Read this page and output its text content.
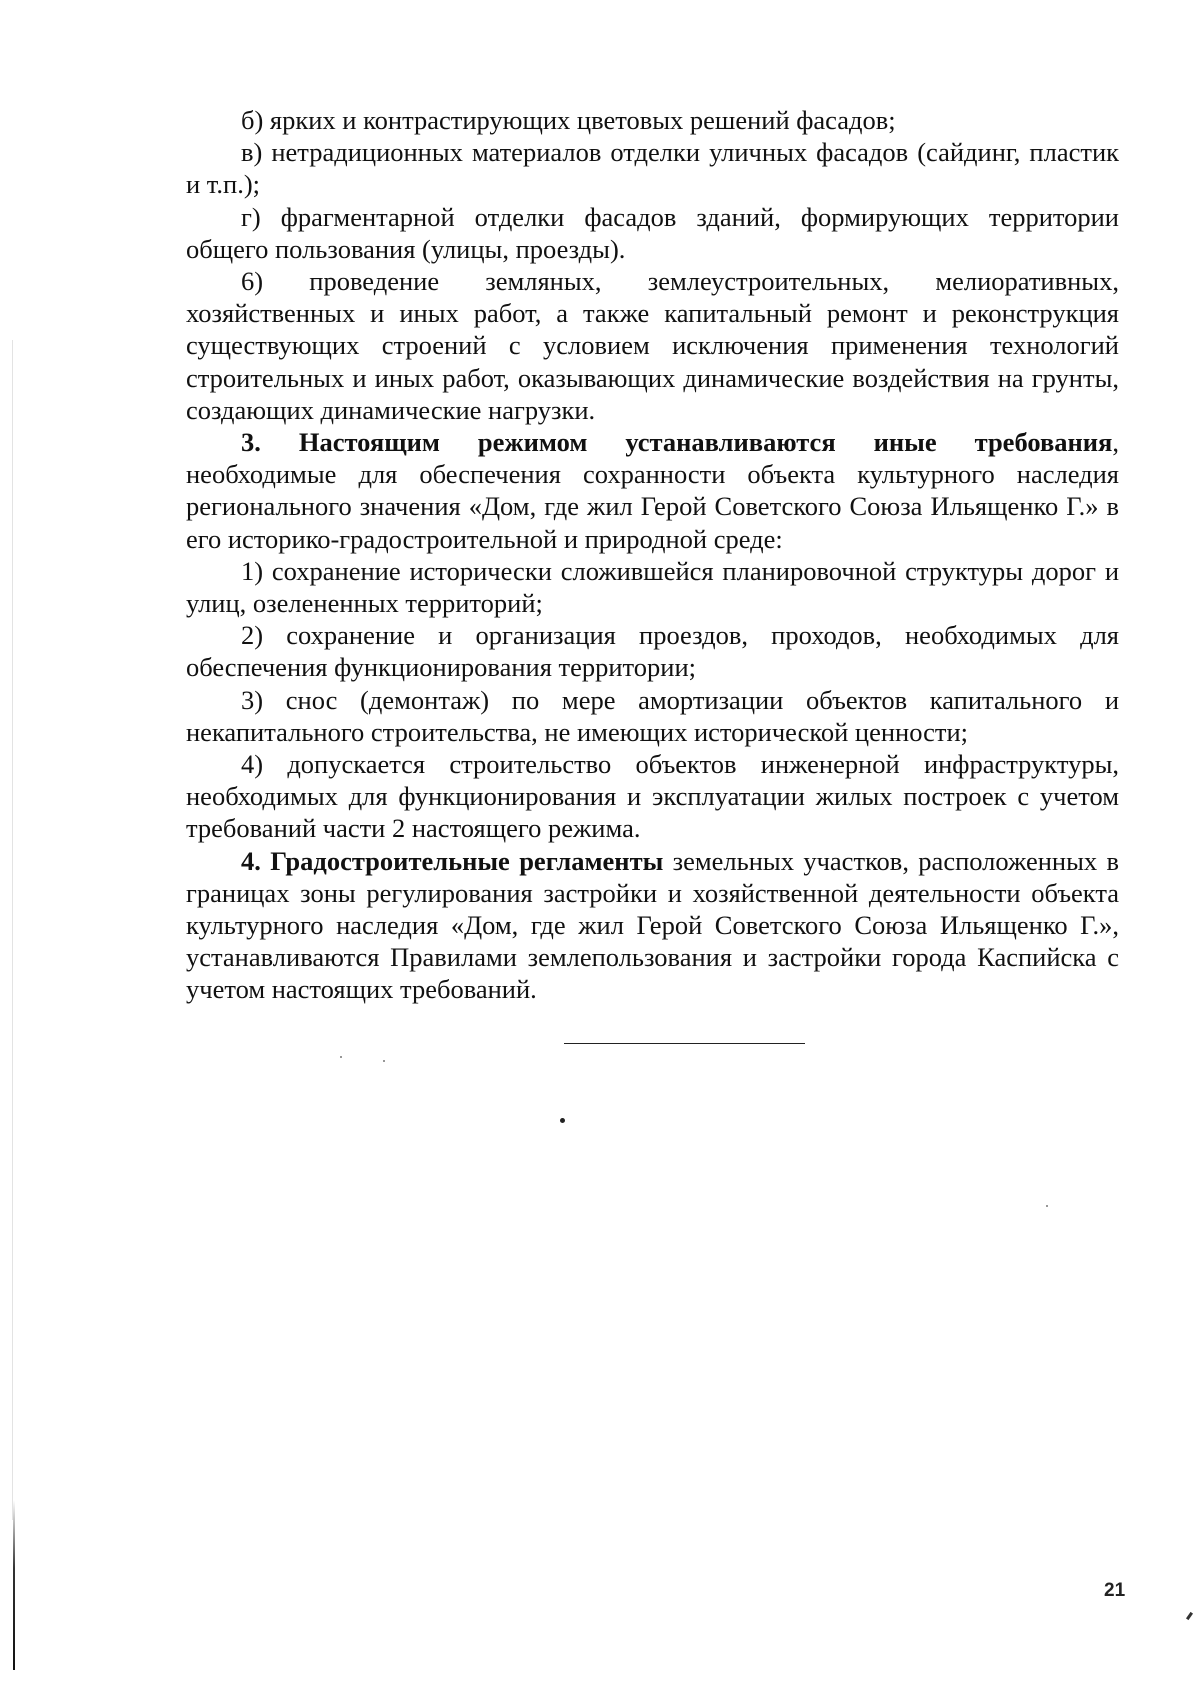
б) ярких и контрастирующих цветовых решений фасадов;

в) нетрадиционных материалов отделки уличных фасадов (сайдинг, пластик и т.п.);

г) фрагментарной отделки фасадов зданий, формирующих территории общего пользования (улицы, проезды).

6) проведение земляных, землеустроительных, мелиоративных, хозяйственных и иных работ, а также капитальный ремонт и реконструкция существующих строений с условием исключения применения технологий строительных и иных работ, оказывающих динамические воздействия на грунты, создающих динамические нагрузки.

3. Настоящим режимом устанавливаются иные требования, необходимые для обеспечения сохранности объекта культурного наследия регионального значения «Дом, где жил Герой Советского Союза Ильященко Г.» в его историко-градостроительной и природной среде:

1) сохранение исторически сложившейся планировочной структуры дорог и улиц, озелененных территорий;

2) сохранение и организация проездов, проходов, необходимых для обеспечения функционирования территории;

3) снос (демонтаж) по мере амортизации объектов капитального и некапитального строительства, не имеющих исторической ценности;

4) допускается строительство объектов инженерной инфраструктуры, необходимых для функционирования и эксплуатации жилых построек с учетом требований части 2 настоящего режима.

4. Градостроительные регламенты земельных участков, расположенных в границах зоны регулирования застройки и хозяйственной деятельности объекта культурного наследия «Дом, где жил Герой Советского Союза Ильященко Г.», устанавливаются Правилами землепользования и застройки города Каспийска с учетом настоящих требований.

21
